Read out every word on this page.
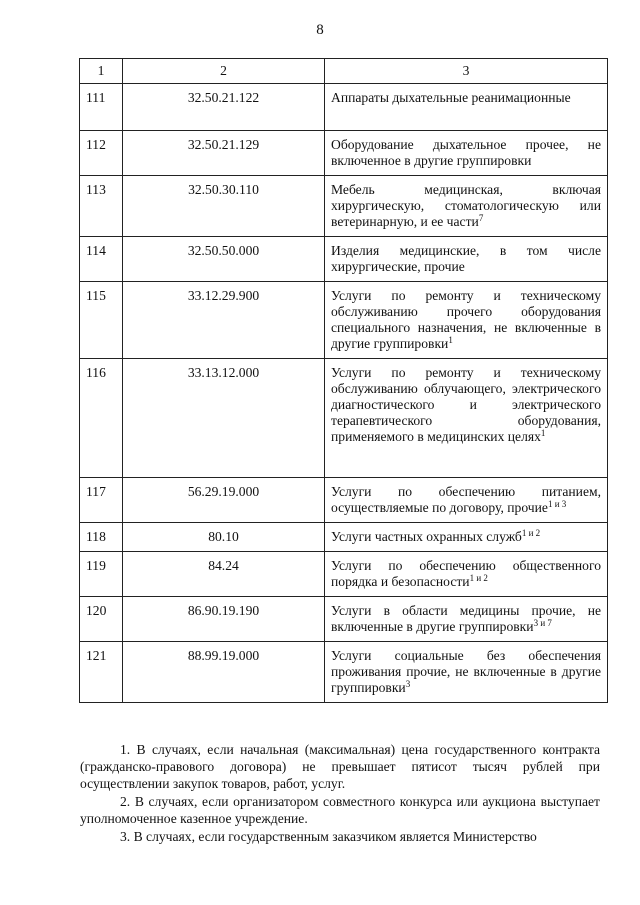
8
1	2	3
111	32.50.21.122	Аппараты дыхательные реанимационные
112	32.50.21.129	Оборудование дыхательное прочее, не включенное в другие группировки
113	32.50.30.110	Мебель медицинская, включая хирургическую, стоматологическую или ветеринарную, и ее части$^7$
114	32.50.50.000	Изделия медицинские, в том числе хирургические, прочие
115	33.12.29.900	Услуги по ремонту и техническому обслуживанию прочего оборудования специального назначения, не включенные в другие группировки$^1$
116	33.13.12.000	Услуги по ремонту и техническому обслуживанию облучающего, электрического диагностического и электрического терапевтического оборудования, применяемого в медицинских целях$^1$
117	56.29.19.000	Услуги по обеспечению питанием, осуществляемые по договору, прочие$^{1 и 3}$
118	80.10	Услуги частных охранных служб$^{1 и 2}$
119	84.24	Услуги по обеспечению общественного порядка и безопасности$^{1 и 2}$
120	86.90.19.190	Услуги в области медицины прочие, не включенные в другие группировки$^{3 и 7}$
121	88.99.19.000	Услуги социальные без обеспечения проживания прочие, не включенные в другие группировки$^3$

1. В случаях, если начальная (максимальная) цена государственного контракта (гражданско-правового договора) не превышает пятисот тысяч рублей при осуществлении закупок товаров, работ, услуг.

2. В случаях, если организатором совместного конкурса или аукциона выступает уполномоченное казенное учреждение.

3. В случаях, если государственным заказчиком является Министерство
